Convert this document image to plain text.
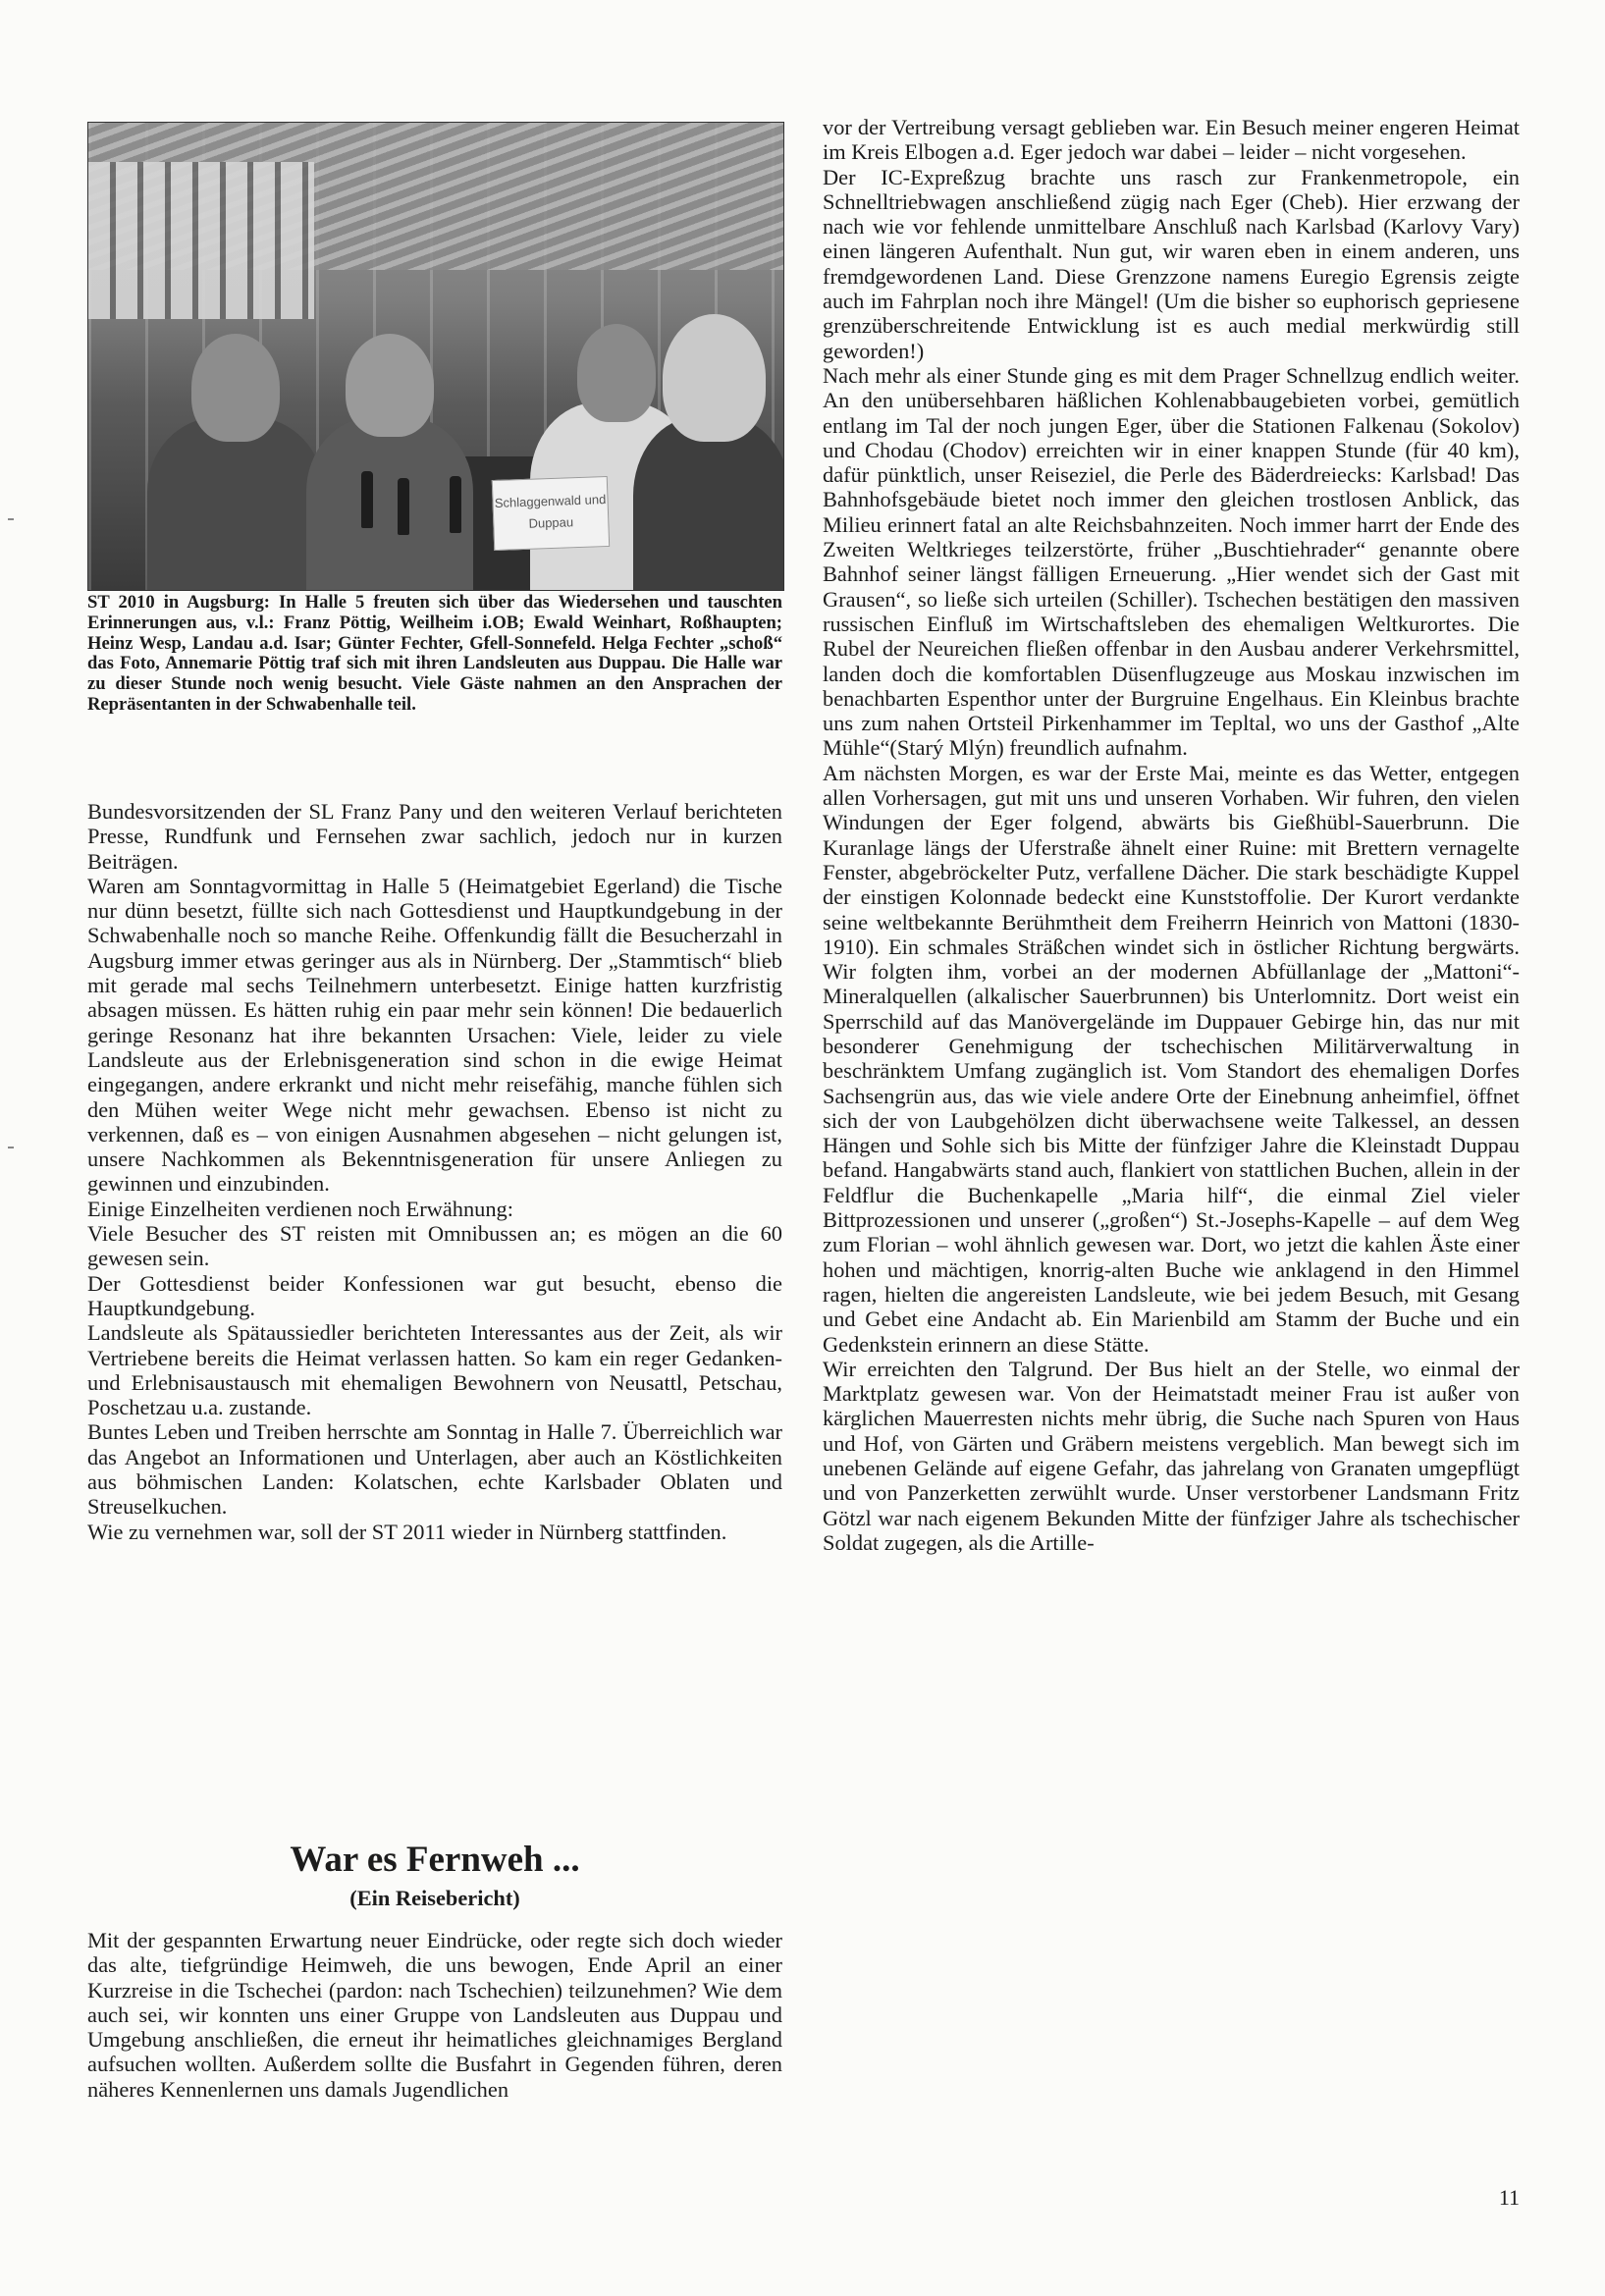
Schlaggenwald und Duppau

ST 2010 in Augsburg: In Halle 5 freuten sich über das Wiedersehen und tauschten Erinnerungen aus, v.l.: Franz Pöttig, Weilheim i.OB; Ewald Weinhart, Roßhaupten; Heinz Wesp, Landau a.d. Isar; Günter Fechter, Gfell-Sonnefeld. Helga Fechter „schoß“ das Foto, Annemarie Pöttig traf sich mit ihren Landsleuten aus Duppau. Die Halle war zu dieser Stunde noch wenig besucht. Viele Gäste nahmen an den Ansprachen der Repräsentanten in der Schwabenhalle teil.

Bundesvorsitzenden der SL Franz Pany und den weiteren Verlauf berichteten Presse, Rundfunk und Fernsehen zwar sachlich, jedoch nur in kurzen Beiträgen.

Waren am Sonntagvormittag in Halle 5 (Heimatgebiet Egerland) die Tische nur dünn besetzt, füllte sich nach Gottesdienst und Hauptkundgebung in der Schwabenhalle noch so manche Reihe. Offenkundig fällt die Besucherzahl in Augsburg immer etwas geringer aus als in Nürnberg. Der „Stammtisch“ blieb mit gerade mal sechs Teilnehmern unterbesetzt. Einige hatten kurzfristig absagen müssen. Es hätten ruhig ein paar mehr sein können! Die bedauerlich geringe Resonanz hat ihre bekannten Ursachen: Viele, leider zu viele Landsleute aus der Erlebnisgeneration sind schon in die ewige Heimat eingegangen, andere erkrankt und nicht mehr reisefähig, manche fühlen sich den Mühen weiter Wege nicht mehr gewachsen. Ebenso ist nicht zu verkennen, daß es – von einigen Ausnahmen abgesehen – nicht gelungen ist, unsere Nachkommen als Bekenntnisgeneration für unsere Anliegen zu gewinnen und einzubinden.

Einige Einzelheiten verdienen noch Erwähnung:

Viele Besucher des ST reisten mit Omnibussen an; es mögen an die 60 gewesen sein.

Der Gottesdienst beider Konfessionen war gut besucht, ebenso die Hauptkundgebung.

Landsleute als Spätaussiedler berichteten Interessantes aus der Zeit, als wir Vertriebene bereits die Heimat verlassen hatten. So kam ein reger Gedanken- und Erlebnisaustausch mit ehemaligen Bewohnern von Neusattl, Petschau, Poschetzau u.a. zustande.

Buntes Leben und Treiben herrschte am Sonntag in Halle 7. Überreichlich war das Angebot an Informationen und Unterlagen, aber auch an Köstlichkeiten aus böhmischen Landen: Kolatschen, echte Karlsbader Oblaten und Streuselkuchen.

Wie zu vernehmen war, soll der ST 2011 wieder in Nürnberg stattfinden.

War es Fernweh ...
(Ein Reisebericht)

Mit der gespannten Erwartung neuer Eindrücke, oder regte sich doch wieder das alte, tiefgründige Heimweh, die uns bewogen, Ende April an einer Kurzreise in die Tschechei (pardon: nach Tschechien) teilzunehmen? Wie dem auch sei, wir konnten uns einer Gruppe von Landsleuten aus Duppau und Umgebung anschließen, die erneut ihr heimatliches gleichnamiges Bergland aufsuchen wollten. Außerdem sollte die Busfahrt in Gegenden führen, deren näheres Kennenlernen uns damals Jugendlichen

vor der Vertreibung versagt geblieben war. Ein Besuch meiner engeren Heimat im Kreis Elbogen a.d. Eger jedoch war dabei – leider – nicht vorgesehen.

Der IC-Expreßzug brachte uns rasch zur Frankenmetropole, ein Schnelltriebwagen anschließend zügig nach Eger (Cheb). Hier erzwang der nach wie vor fehlende unmittelbare Anschluß nach Karlsbad (Karlovy Vary) einen längeren Aufenthalt. Nun gut, wir waren eben in einem anderen, uns fremdgewordenen Land. Diese Grenzzone namens Euregio Egrensis zeigte auch im Fahrplan noch ihre Mängel! (Um die bisher so euphorisch gepriesene grenzüberschreitende Entwicklung ist es auch medial merkwürdig still geworden!)

Nach mehr als einer Stunde ging es mit dem Prager Schnellzug endlich weiter. An den unübersehbaren häßlichen Kohlenabbaugebieten vorbei, gemütlich entlang im Tal der noch jungen Eger, über die Stationen Falkenau (Sokolov) und Chodau (Chodov) erreichten wir in einer knappen Stunde (für 40 km), dafür pünktlich, unser Reiseziel, die Perle des Bäderdreiecks: Karlsbad! Das Bahnhofsgebäude bietet noch immer den gleichen trostlosen Anblick, das Milieu erinnert fatal an alte Reichsbahnzeiten. Noch immer harrt der Ende des Zweiten Weltkrieges teilzerstörte, früher „Buschtiehrader“ genannte obere Bahnhof seiner längst fälligen Erneuerung. „Hier wendet sich der Gast mit Grausen“, so ließe sich urteilen (Schiller). Tschechen bestätigen den massiven russischen Einfluß im Wirtschaftsleben des ehemaligen Weltkurortes. Die Rubel der Neureichen fließen offenbar in den Ausbau anderer Verkehrsmittel, landen doch die komfortablen Düsenflugzeuge aus Moskau inzwischen im benachbarten Espenthor unter der Burgruine Engelhaus. Ein Kleinbus brachte uns zum nahen Ortsteil Pirkenhammer im Tepltal, wo uns der Gasthof „Alte Mühle“(Starý Mlýn) freundlich aufnahm.

Am nächsten Morgen, es war der Erste Mai, meinte es das Wetter, entgegen allen Vorhersagen, gut mit uns und unseren Vorhaben. Wir fuhren, den vielen Windungen der Eger folgend, abwärts bis Gießhübl-Sauerbrunn. Die Kuranlage längs der Uferstraße ähnelt einer Ruine: mit Brettern vernagelte Fenster, abgebröckelter Putz, verfallene Dächer. Die stark beschädigte Kuppel der einstigen Kolonnade bedeckt eine Kunststoffolie. Der Kurort verdankte seine weltbekannte Berühmtheit dem Freiherrn Heinrich von Mattoni (1830-1910). Ein schmales Sträßchen windet sich in östlicher Richtung bergwärts. Wir folgten ihm, vorbei an der modernen Abfüllanlage der „Mattoni“-Mineralquellen (alkalischer Sauerbrunnen) bis Unterlomnitz. Dort weist ein Sperrschild auf das Manövergelände im Duppauer Gebirge hin, das nur mit besonderer Genehmigung der tschechischen Militärverwaltung in beschränktem Umfang zugänglich ist. Vom Standort des ehemaligen Dorfes Sachsengrün aus, das wie viele andere Orte der Einebnung anheimfiel, öffnet sich der von Laubgehölzen dicht überwachsene weite Talkessel, an dessen Hängen und Sohle sich bis Mitte der fünfziger Jahre die Kleinstadt Duppau befand. Hangabwärts stand auch, flankiert von stattlichen Buchen, allein in der Feldflur die Buchenkapelle „Maria hilf“, die einmal Ziel vieler Bittprozessionen und unserer („großen“) St.-Josephs-Kapelle – auf dem Weg zum Florian – wohl ähnlich gewesen war. Dort, wo jetzt die kahlen Äste einer hohen und mächtigen, knorrig-alten Buche wie anklagend in den Himmel ragen, hielten die angereisten Landsleute, wie bei jedem Besuch, mit Gesang und Gebet eine Andacht ab. Ein Marienbild am Stamm der Buche und ein Gedenkstein erinnern an diese Stätte.

Wir erreichten den Talgrund. Der Bus hielt an der Stelle, wo einmal der Marktplatz gewesen war. Von der Heimatstadt meiner Frau ist außer von kärglichen Mauerresten nichts mehr übrig, die Suche nach Spuren von Haus und Hof, von Gärten und Gräbern meistens vergeblich. Man bewegt sich im unebenen Gelände auf eigene Gefahr, das jahrelang von Granaten umgepflügt und von Panzerketten zerwühlt wurde. Unser verstorbener Landsmann Fritz Götzl war nach eigenem Bekunden Mitte der fünfziger Jahre als tschechischer Soldat zugegen, als die Artille-

11
